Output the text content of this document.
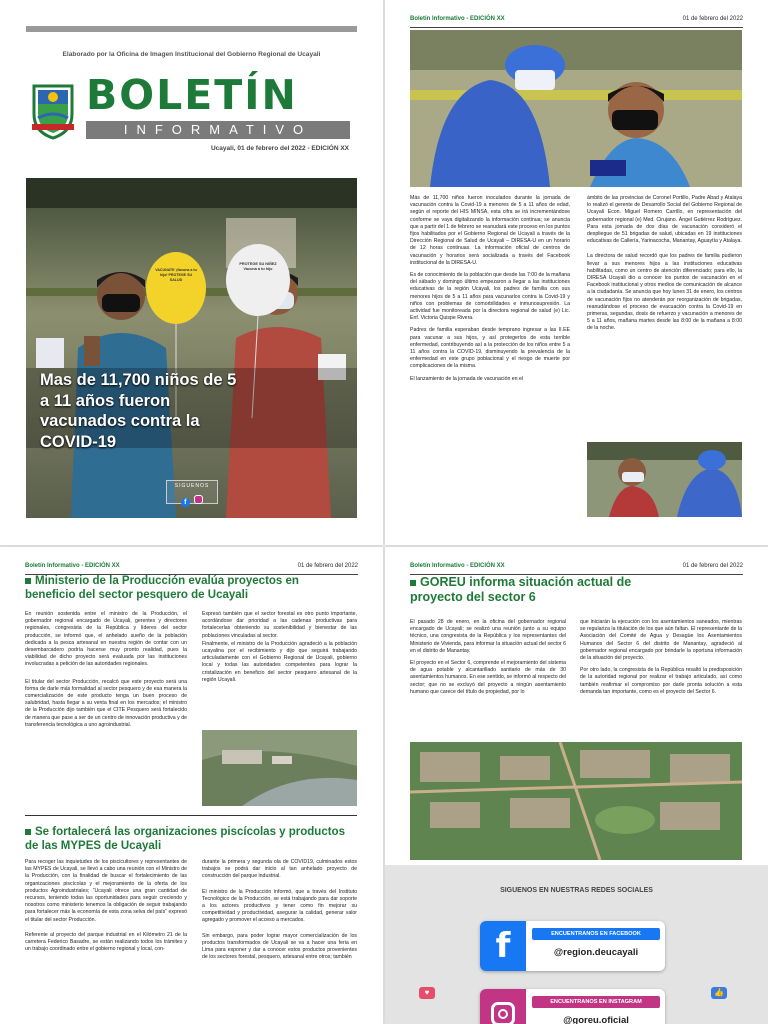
Elaborado por la Oficina de Imagen Institucional del Gobierno Regional de Ucayali
BOLETÍN
INFORMATIVO
Ucayali, 01 de febrero del 2022 - EDICIÓN XX
VACUNATE ¡Vacuna a tu hijo! PROTEGE SU SALUD
PROTEGE SU NIÑEZ Vacuna a tu hijo
Mas de 11,700 niños de 5 a 11 años fueron vacunados contra la COVID-19
SIGUENOS
f
Boletín Informativo - EDICIÓN XX	01 de febrero del 2022

Más de 11,700 niños fueron inoculados durante la jornada de vacunación contra la Covid-19 a menores de 5 a 11 años de edad, según el reporte del HIS MINSA, esta cifra se irá incrementándose conforme se vaya digitalizando la información continua; se anuncia que a partir del 1 de febrero se reanudará este proceso en los puntos fijos habilitados por el Gobierno Regional de Ucayali a través de la Dirección Regional de Salud de Ucayali – DIRESA-U en un horario de 12 horas continuas. La información oficial de centros de vacunación y horarios será socializada a través del Facebook institucional de la DIRESA-U.

Es de conocimiento de la población que desde las 7:00 de la mañana del sábado y domingo último empezaron a llegar a las instituciones educativas de la región Ucayali, los padres de familia con sus menores hijos de 5 a 11 años para vacunarlos contra la Covid-19 y niños con problemas de comorbilidades e inmunosupresión. La actividad fue monitoreada por la directora regional de salud (e) Lic. Enf. Victoria Quispe Rivera.

Padres de familia esperaban desde temprano ingresar a las II.EE para vacunar a sus hijos, y así protegerlos de esta terrible enfermedad, contribuyendo así a la protección de los niños entre 5 a 11 años contra la COVID-19, disminuyendo la prevalencia de la enfermedad en este grupo poblacional y el riesgo de muerte por complicaciones de la misma.

El lanzamiento de la jornada de vacunación en el

ámbito de las provincias de Coronel Portillo, Padre Abad y Atalaya lo realizó el gerente de Desarrollo Social del Gobierno Regional de Ucayali Econ. Miguel Romero Carrillo, en representación del gobernador regional (e) Med. Cirujano. Ángel Gutiérrez Rodríguez. Para esta jornada de dos días de vacunación consideró el despliegue de 51 brigadas de salud, ubicadas en 19 instituciones educativas de Callería, Yarinacocha, Manantay, Aguaytía y Atalaya.

La directora de salud recordó que los padres de familia pudieron llevar a sus menores hijos a las instituciones educativas habilitadas, como un centro de atención diferenciado; para ello, la DIRESA Ucayali dio a conocer los puntos de vacunación en el Facebook institucional y otros medios de comunicación de alcance a la ciudadanía. Se anuncia que hoy lunes 31 de enero, los centros de vacunación fijos no atenderán por reorganización de brigadas, reanudándose el proceso de evacuación contra la Covid-19 en primeras, segundas, dosis de refuerzo y vacunación a menores de 5 a 11 años, mañana martes desde las 8:00 de la mañana a 8:00 de la noche.

Boletín Informativo - EDICIÓN XX	01 de febrero del 2022
Ministerio de la Producción evalúa proyectos en beneficio del sector pesquero de Ucayali

En reunión sostenida entre el ministro de la Producción, el gobernador regional encargado de Ucayali, gerentes y directores regionales, congresista de la República y líderes del sector producción, se informó que, el anhelado sueño de la población dedicada a la pesca artesanal en nuestra región de contar con un desembarcadero podría hacerse muy pronto realidad, pues la viabilidad de dicho proyecto será evaluada por las instituciones involucradas a petición de las autoridades regionales.

El titular del sector Producción, recalcó que este proyecto será una forma de darle más formalidad al sector pesquero y de esa manera la comercialización de este producto tenga un buen proceso de salubridad, hasta llegar a su venta final en los mercados; el ministro de la Producción dijo también que el CITE Pesquero será fortalecido de manera que pase a ser de un centro de innovación productiva y de transferencia tecnológica a uno agroindustrial.

Expresó también que el sector forestal es otro punto importante, acordándose dar prioridad a las cadenas productivas para fortalecerlas obteniendo su sostenibilidad y bienestar de las poblaciones vinculadas al sector.

Finalmente, el ministro de la Producción agradeció a la población ucayalina por el recibimiento y dijo que seguirá trabajando articuladamente con el Gobierno Regional de Ucayali, gobierno local y todas las autoridades competentes para lograr la cristalización en beneficio del sector pesquero artesanal de la región Ucayali.

Se fortalecerá las organizaciones piscícolas y productos de las MYPES de Ucayali

Para recoger las inquietudes de los piscicultores y representantes de las MYPES de Ucayali, se llevó a cabo una reunión con el Ministro de la Producción, con la finalidad de buscar el fortalecimiento de las organizaciones piscícolas y el mejoramiento de la oferta de los productos Agroindustriales; “Ucayali ofrece una gran cantidad de recursos, teniendo todas las oportunidades para seguir creciendo y nosotros como ministerio tenemos la obligación de seguir trabajando para fortalecer más la economía de esta zona selva del país” expresó el titular del sector Producción.

Referente al proyecto del parque industrial en el Kilómetro 21 de la carretera Federico Basadre, se están realizando todos los trámites y un trabajo coordinado entre el gobierno regional y local, con-

durante la primera y segunda ola de COVID19, culminados estos trabajos se podrá dar inicio al tan anhelado proyecto de construcción del parque industrial.

El ministro de la Producción informó, que a través del Instituto Tecnológico de la Producción, se está trabajando para dar soporte a los actores productivos y tener como fin mejorar su competitividad y productividad, asegurar la calidad, generar valor agregado y promover el acceso a mercados.

Sin embargo, para poder lograr mayor comercialización de los productos transformados de Ucayali se va a hacer una feria en Lima para exponer y dar a conocer estos productos provenientes de los sectores forestal, pesquero, artesanal entre otros; también

Boletín Informativo - EDICIÓN XX	01 de febrero del 2022
GOREU informa situación actual de proyecto del sector 6

El pasado 28 de enero, en la oficina del gobernador regional encargado de Ucayali; se realizó una reunión junto a su equipo técnico, una congresista de la República y los representantes del Ministerio de Vivienda, para informar la situación actual del sector 6 en el distrito de Manantay.

El proyecto en el Sector 6, comprende el mejoramiento del sistema de agua potable y alcantarillado sanitario de más de 30 asentamientos humanos. En ese sentido, se informó al respecto del sector; que no se excluyó del proyecto a ningún asentamiento humano que carece del título de propiedad, por lo

que iniciarán la ejecución con los asentamientos saneados, mientras se regulariza la titulación de los que aún faltan. El representante de la Asociación del Comité de Agua y Desagüe los Asentamientos Humanos del Sector 6 del distrito de Manantay, agradeció al gobernador regional encargado por brindarle la oportuna información de la situación del proyecto.

Por otro lado, la congresista de la República resaltó la predisposición de la autoridad regional por realizar el trabajo articulado, así como también reafirmar el compromiso por darle pronta solución a esta demanda tan importante, como es el proyecto del Sector 6.

SIGUENOS EN NUESTRAS REDES SOCIALES
f	ENCUENTRANOS EN FACEBOOK
@region.deucayali
ENCUENTRANOS EN INSTAGRAM
@goreu.oficial
♥	👍
